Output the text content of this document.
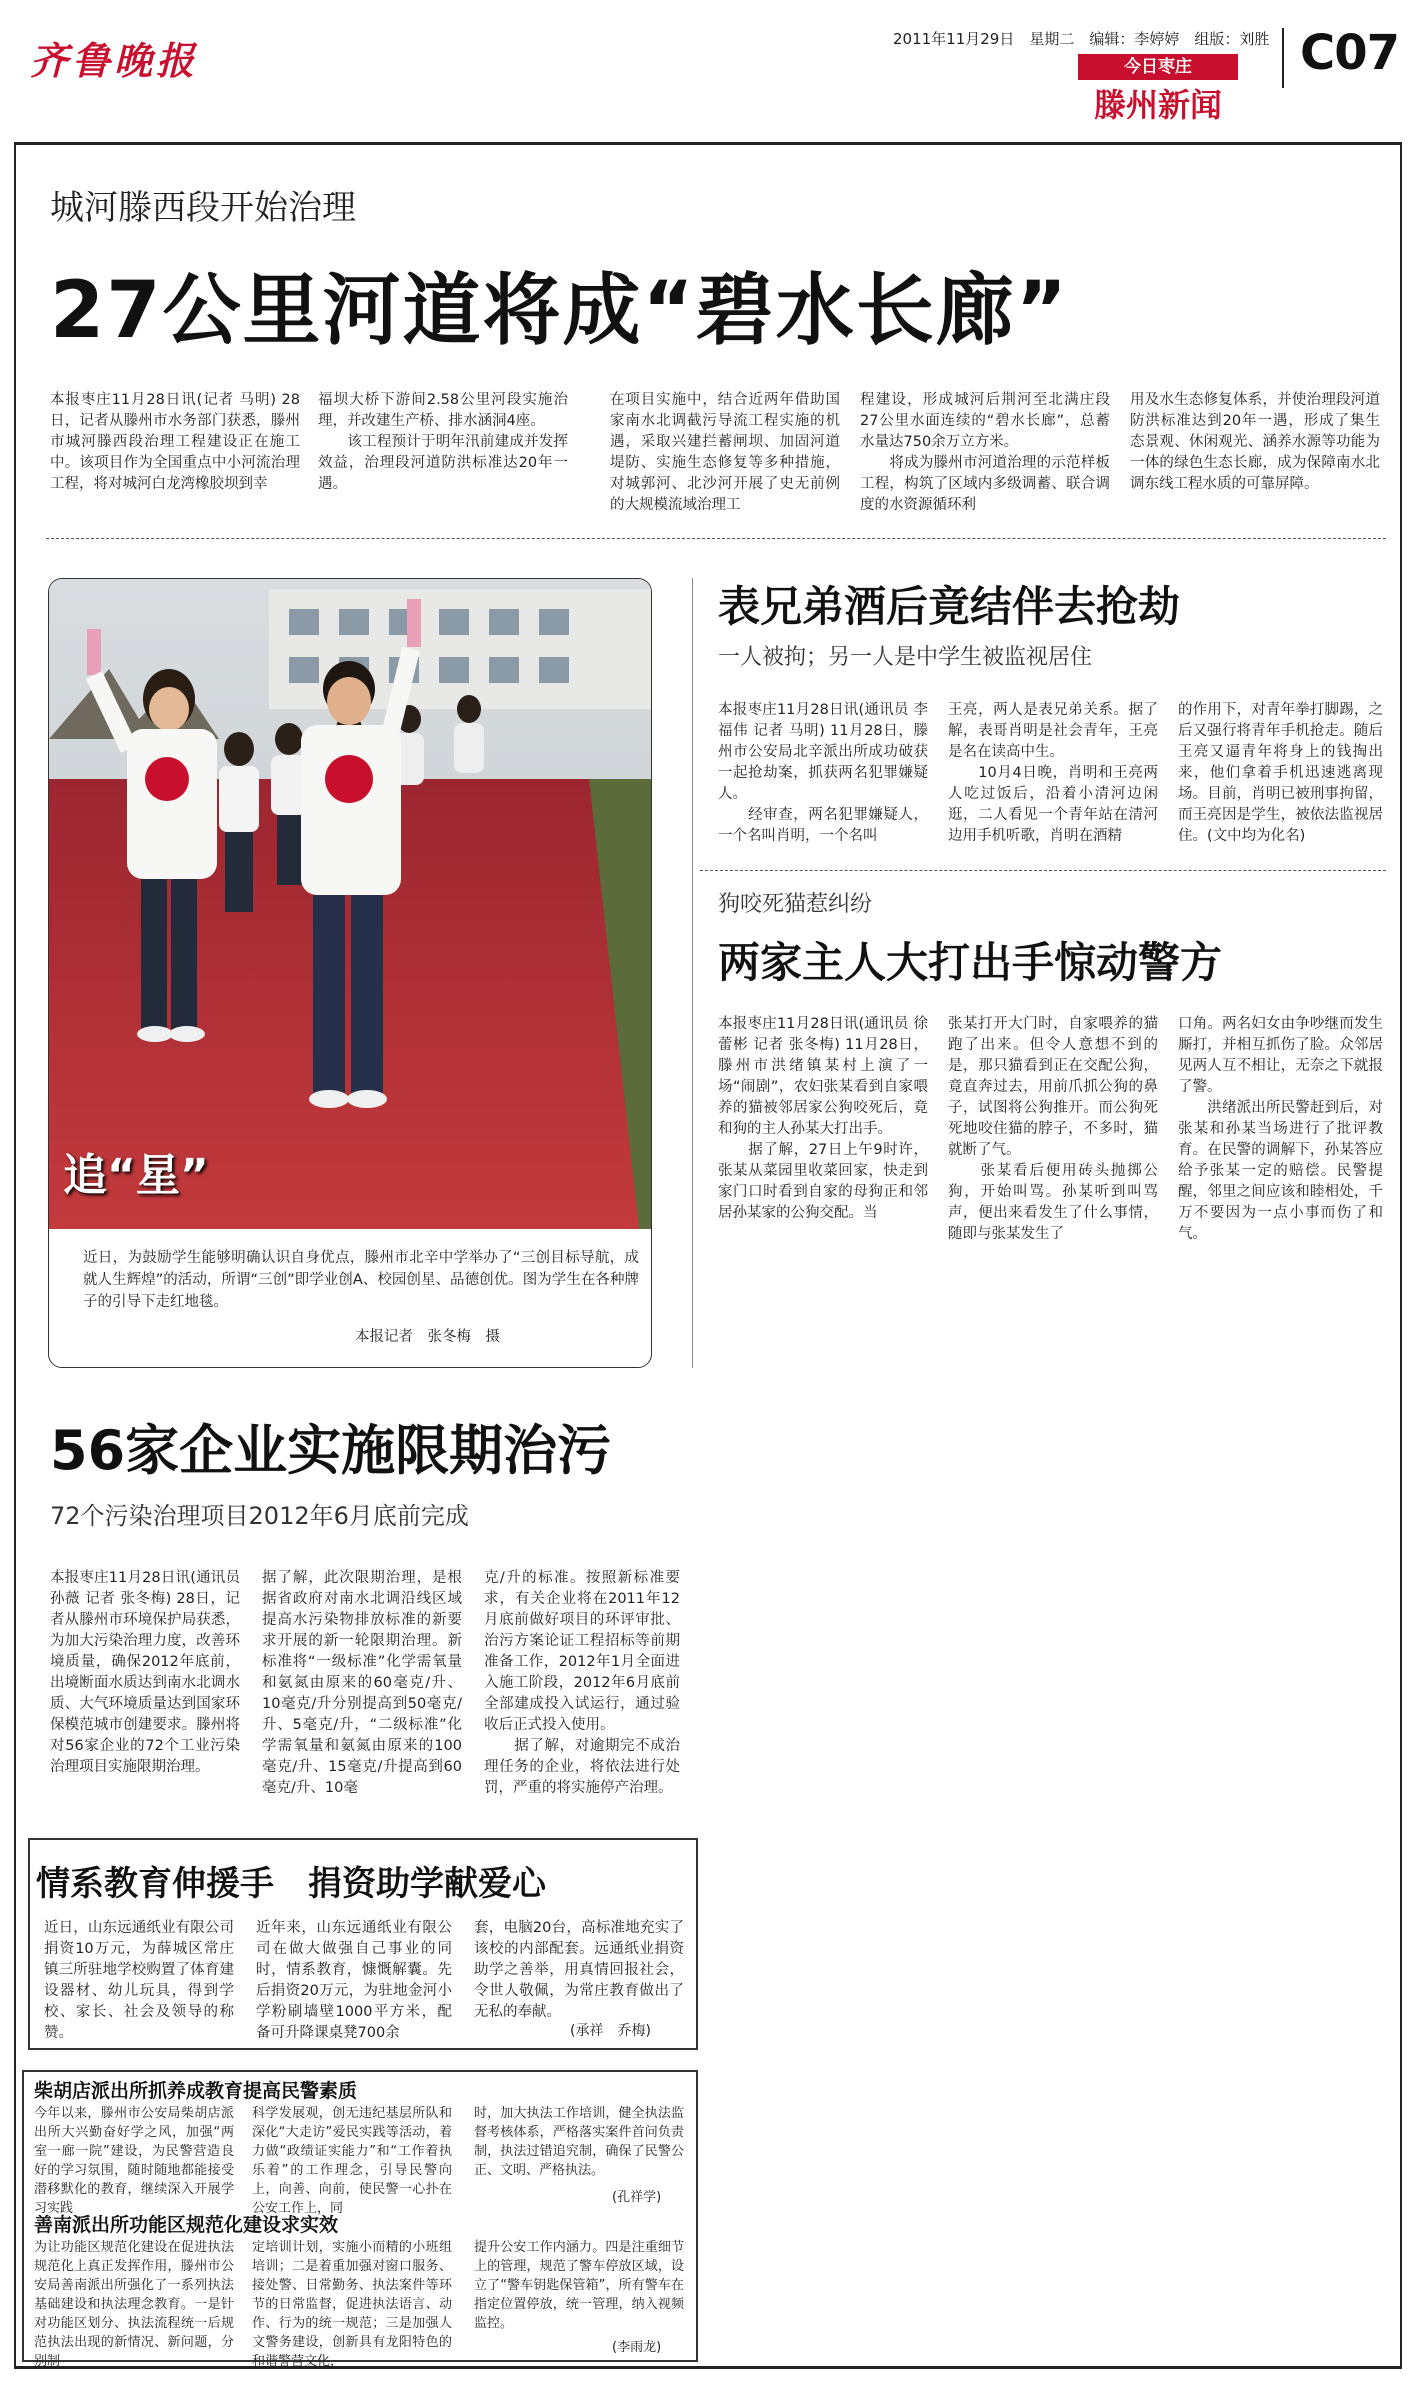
齐鲁晚报	2011年11月29日　星期二　编辑：李婷婷　组版：刘胜
今日枣庄
滕州新闻
C07
城河滕西段开始治理
27公里河道将成“碧水长廊”
本报枣庄11月28日讯(记者 马明) 28日，记者从滕州市水务部门获悉，滕州市城河滕西段治理工程建设正在施工中。该项目作为全国重点中小河流治理工程，将对城河白龙湾橡胶坝到幸
福坝大桥下游间2.58公里河段实施治理，并改建生产桥、排水涵洞4座。
　　该工程预计于明年汛前建成并发挥效益，治理段河道防洪标准达20年一遇。
在项目实施中，结合近两年借助国家南水北调截污导流工程实施的机遇，采取兴建拦蓄闸坝、加固河道堤防、实施生态修复等多种措施，对城郭河、北沙河开展了史无前例的大规模流域治理工
程建设，形成城河后荆河至北满庄段27公里水面连续的“碧水长廊”，总蓄水量达750余万立方米。
　　将成为滕州市河道治理的示范样板工程，构筑了区域内多级调蓄、联合调度的水资源循环利
用及水生态修复体系，并使治理段河道防洪标准达到20年一遇，形成了集生态景观、休闲观光、涵养水源等功能为一体的绿色生态长廊，成为保障南水北调东线工程水质的可靠屏障。
追“星”
近日，为鼓励学生能够明确认识自身优点，滕州市北辛中学举办了“三创目标导航，成就人生辉煌”的活动，所谓“三创”即学业创A、校园创星、品德创优。图为学生在各种牌子的引导下走红地毯。
本报记者　张冬梅　摄
表兄弟酒后竟结伴去抢劫
一人被拘；另一人是中学生被监视居住
本报枣庄11月28日讯(通讯员 李福伟 记者 马明) 11月28日，滕州市公安局北辛派出所成功破获一起抢劫案，抓获两名犯罪嫌疑人。
　　经审查，两名犯罪嫌疑人，一个名叫肖明，一个名叫
王亮，两人是表兄弟关系。据了解，表哥肖明是社会青年，王亮是名在读高中生。
　　10月4日晚，肖明和王亮两人吃过饭后，沿着小清河边闲逛，二人看见一个青年站在清河边用手机听歌，肖明在酒精
的作用下，对青年拳打脚踢，之后又强行将青年手机抢走。随后王亮又逼青年将身上的钱掏出来，他们拿着手机迅速逃离现场。目前，肖明已被刑事拘留，而王亮因是学生，被依法监视居住。(文中均为化名)
狗咬死猫惹纠纷
两家主人大打出手惊动警方
本报枣庄11月28日讯(通讯员 徐蕾彬 记者 张冬梅) 11月28日，滕州市洪绪镇某村上演了一场“闹剧”，农妇张某看到自家喂养的猫被邻居家公狗咬死后，竟和狗的主人孙某大打出手。
　　据了解，27日上午9时许，张某从菜园里收菜回家，快走到家门口时看到自家的母狗正和邻居孙某家的公狗交配。当
张某打开大门时，自家喂养的猫跑了出来。但令人意想不到的是，那只猫看到正在交配公狗，竟直奔过去，用前爪抓公狗的鼻子，试图将公狗推开。而公狗死死地咬住猫的脖子，不多时，猫就断了气。
　　张某看后便用砖头抛掷公狗，开始叫骂。孙某听到叫骂声，便出来看发生了什么事情，随即与张某发生了
口角。两名妇女由争吵继而发生厮打，并相互抓伤了脸。众邻居见两人互不相让，无奈之下就报了警。
　　洪绪派出所民警赶到后，对张某和孙某当场进行了批评教育。在民警的调解下，孙某答应给予张某一定的赔偿。民警提醒，邻里之间应该和睦相处，千万不要因为一点小事而伤了和气。
56家企业实施限期治污
72个污染治理项目2012年6月底前完成
本报枣庄11月28日讯(通讯员 孙薇 记者 张冬梅) 28日，记者从滕州市环境保护局获悉，为加大污染治理力度，改善环境质量，确保2012年底前，出境断面水质达到南水北调水质、大气环境质量达到国家环保模范城市创建要求。滕州将对56家企业的72个工业污染治理项目实施限期治理。
据了解，此次限期治理，是根据省政府对南水北调沿线区域提高水污染物排放标准的新要求开展的新一轮限期治理。新标准将“一级标准”化学需氧量和氨氮由原来的60毫克/升、10毫克/升分别提高到50毫克/升、5毫克/升，“二级标准”化学需氧量和氨氮由原来的100毫克/升、15毫克/升提高到60毫克/升、10毫
克/升的标准。按照新标准要求，有关企业将在2011年12月底前做好项目的环评审批、治污方案论证工程招标等前期准备工作，2012年1月全面进入施工阶段，2012年6月底前全部建成投入试运行，通过验收后正式投入使用。
　　据了解，对逾期完不成治理任务的企业，将依法进行处罚，严重的将实施停产治理。
情系教育伸援手　捐资助学献爱心
近日，山东远通纸业有限公司捐资10万元，为薛城区常庄镇三所驻地学校购置了体育建设器材、幼儿玩具，得到学校、家长、社会及领导的称赞。
近年来，山东远通纸业有限公司在做大做强自己事业的同时，情系教育，慷慨解囊。先后捐资20万元，为驻地金河小学粉刷墙壁1000平方米，配备可升降课桌凳700余
套，电脑20台，高标准地充实了该校的内部配套。远通纸业捐资助学之善举，用真情回报社会，令世人敬佩，为常庄教育做出了无私的奉献。
(承祥　乔梅)
柴胡店派出所抓养成教育提高民警素质
今年以来，滕州市公安局柴胡店派出所大兴勤奋好学之风，加强“两室一廊一院”建设，为民警营造良好的学习氛围，随时随地都能接受潜移默化的教育，继续深入开展学习实践
科学发展观，创无违纪基层所队和深化“大走访”爱民实践等活动，着力做“政绩证实能力”和“工作着执乐着”的工作理念，引导民警向上，向善、向前，使民警一心扑在公安工作上，同
时，加大执法工作培训，健全执法监督考核体系，严格落实案件首问负责制，执法过错追究制，确保了民警公正、文明、严格执法。
(孔祥学)
善南派出所功能区规范化建设求实效
为让功能区规范化建设在促进执法规范化上真正发挥作用，滕州市公安局善南派出所强化了一系列执法基础建设和执法理念教育。一是针对功能区划分、执法流程统一后规范执法出现的新情况、新问题，分别制
定培训计划，实施小而精的小班组培训；二是着重加强对窗口服务、接处警、日常勤务、执法案件等环节的日常监督，促进执法语言、动作、行为的统一规范；三是加强人文警务建设，创新具有龙阳特色的和谐警营文化，
提升公安工作内涵力。四是注重细节上的管理，规范了警车停放区域，设立了“警车钥匙保管箱”，所有警车在指定位置停放，统一管理，纳入视频监控。
(李雨龙)
